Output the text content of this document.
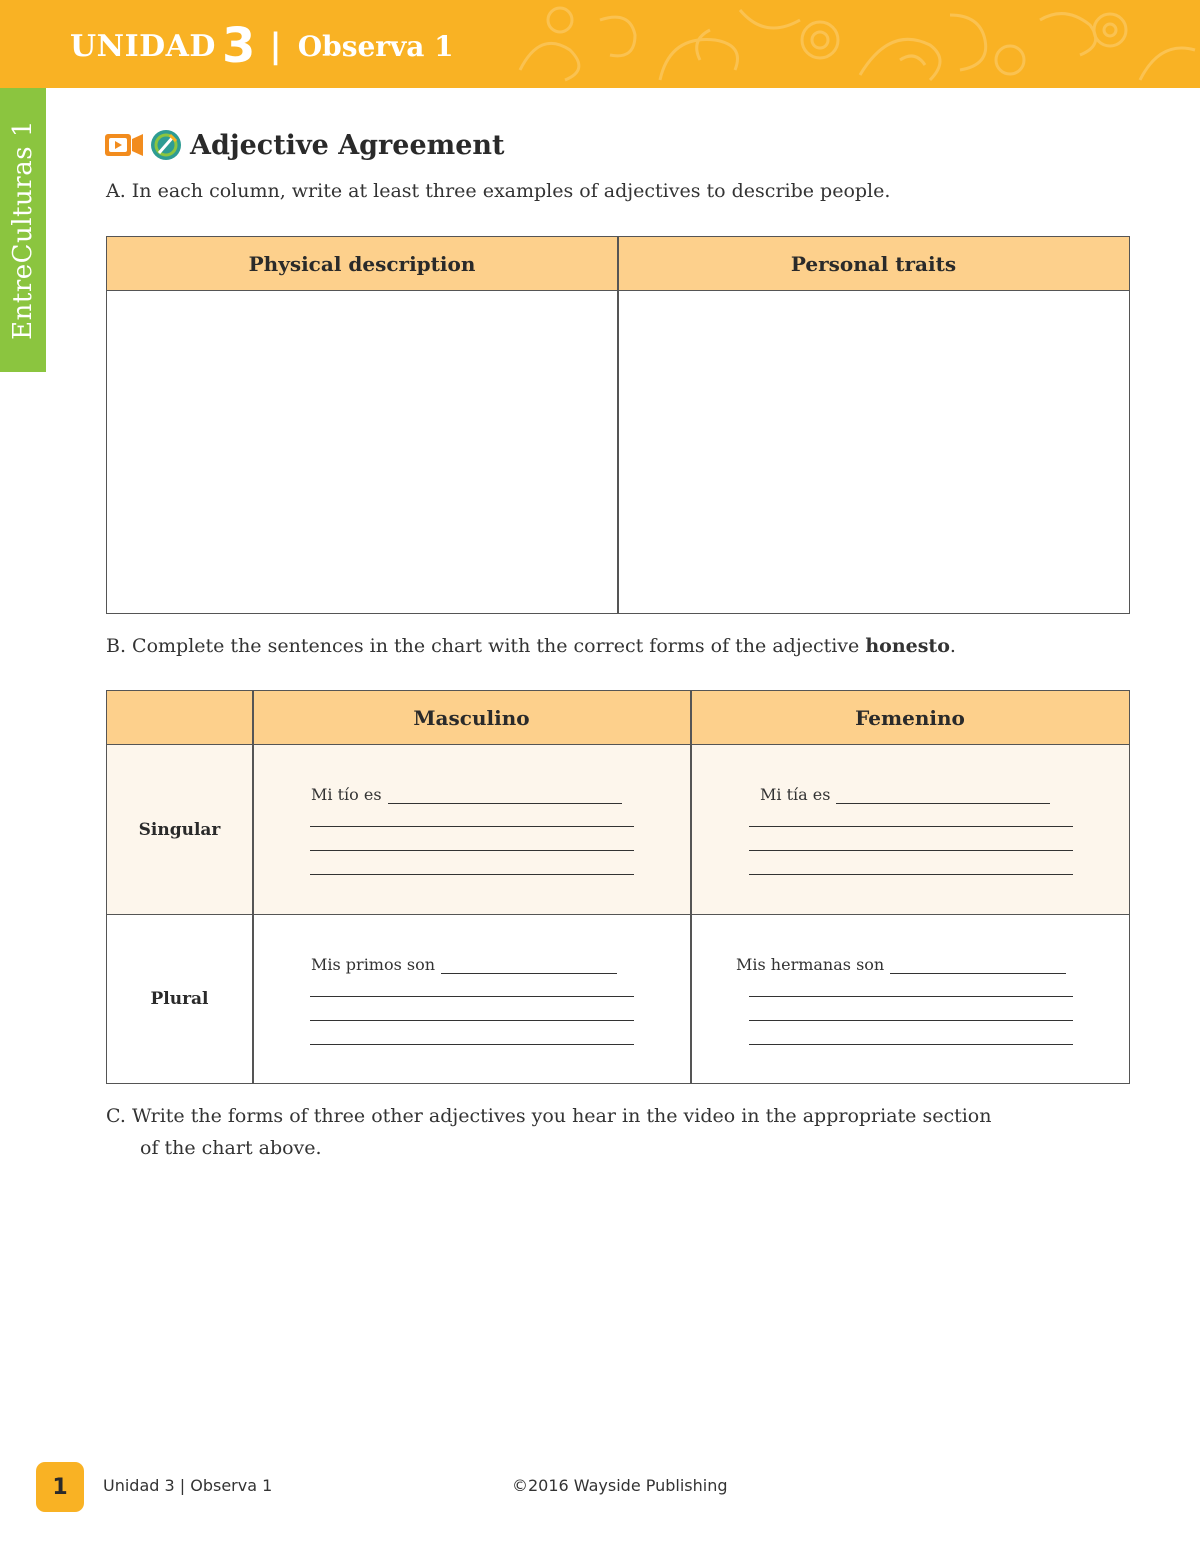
UNIDAD 3 | Observa 1
EntreCulturas 1	Adjective Agreement
A. In each column, write at least three examples of adjectives to describe people.
Physical description	Personal traits
B. Complete the sentences in the chart with the correct forms of the adjective honesto.
Masculino	Femenino
Singular
Mi tío es	Mi tía es
Plural
Mis primos son	Mis hermanas son
C. Write the forms of three other adjectives you hear in the video in the appropriate section
of the chart above.
1 Unidad 3 | Observa 1	©2016 Wayside Publishing
